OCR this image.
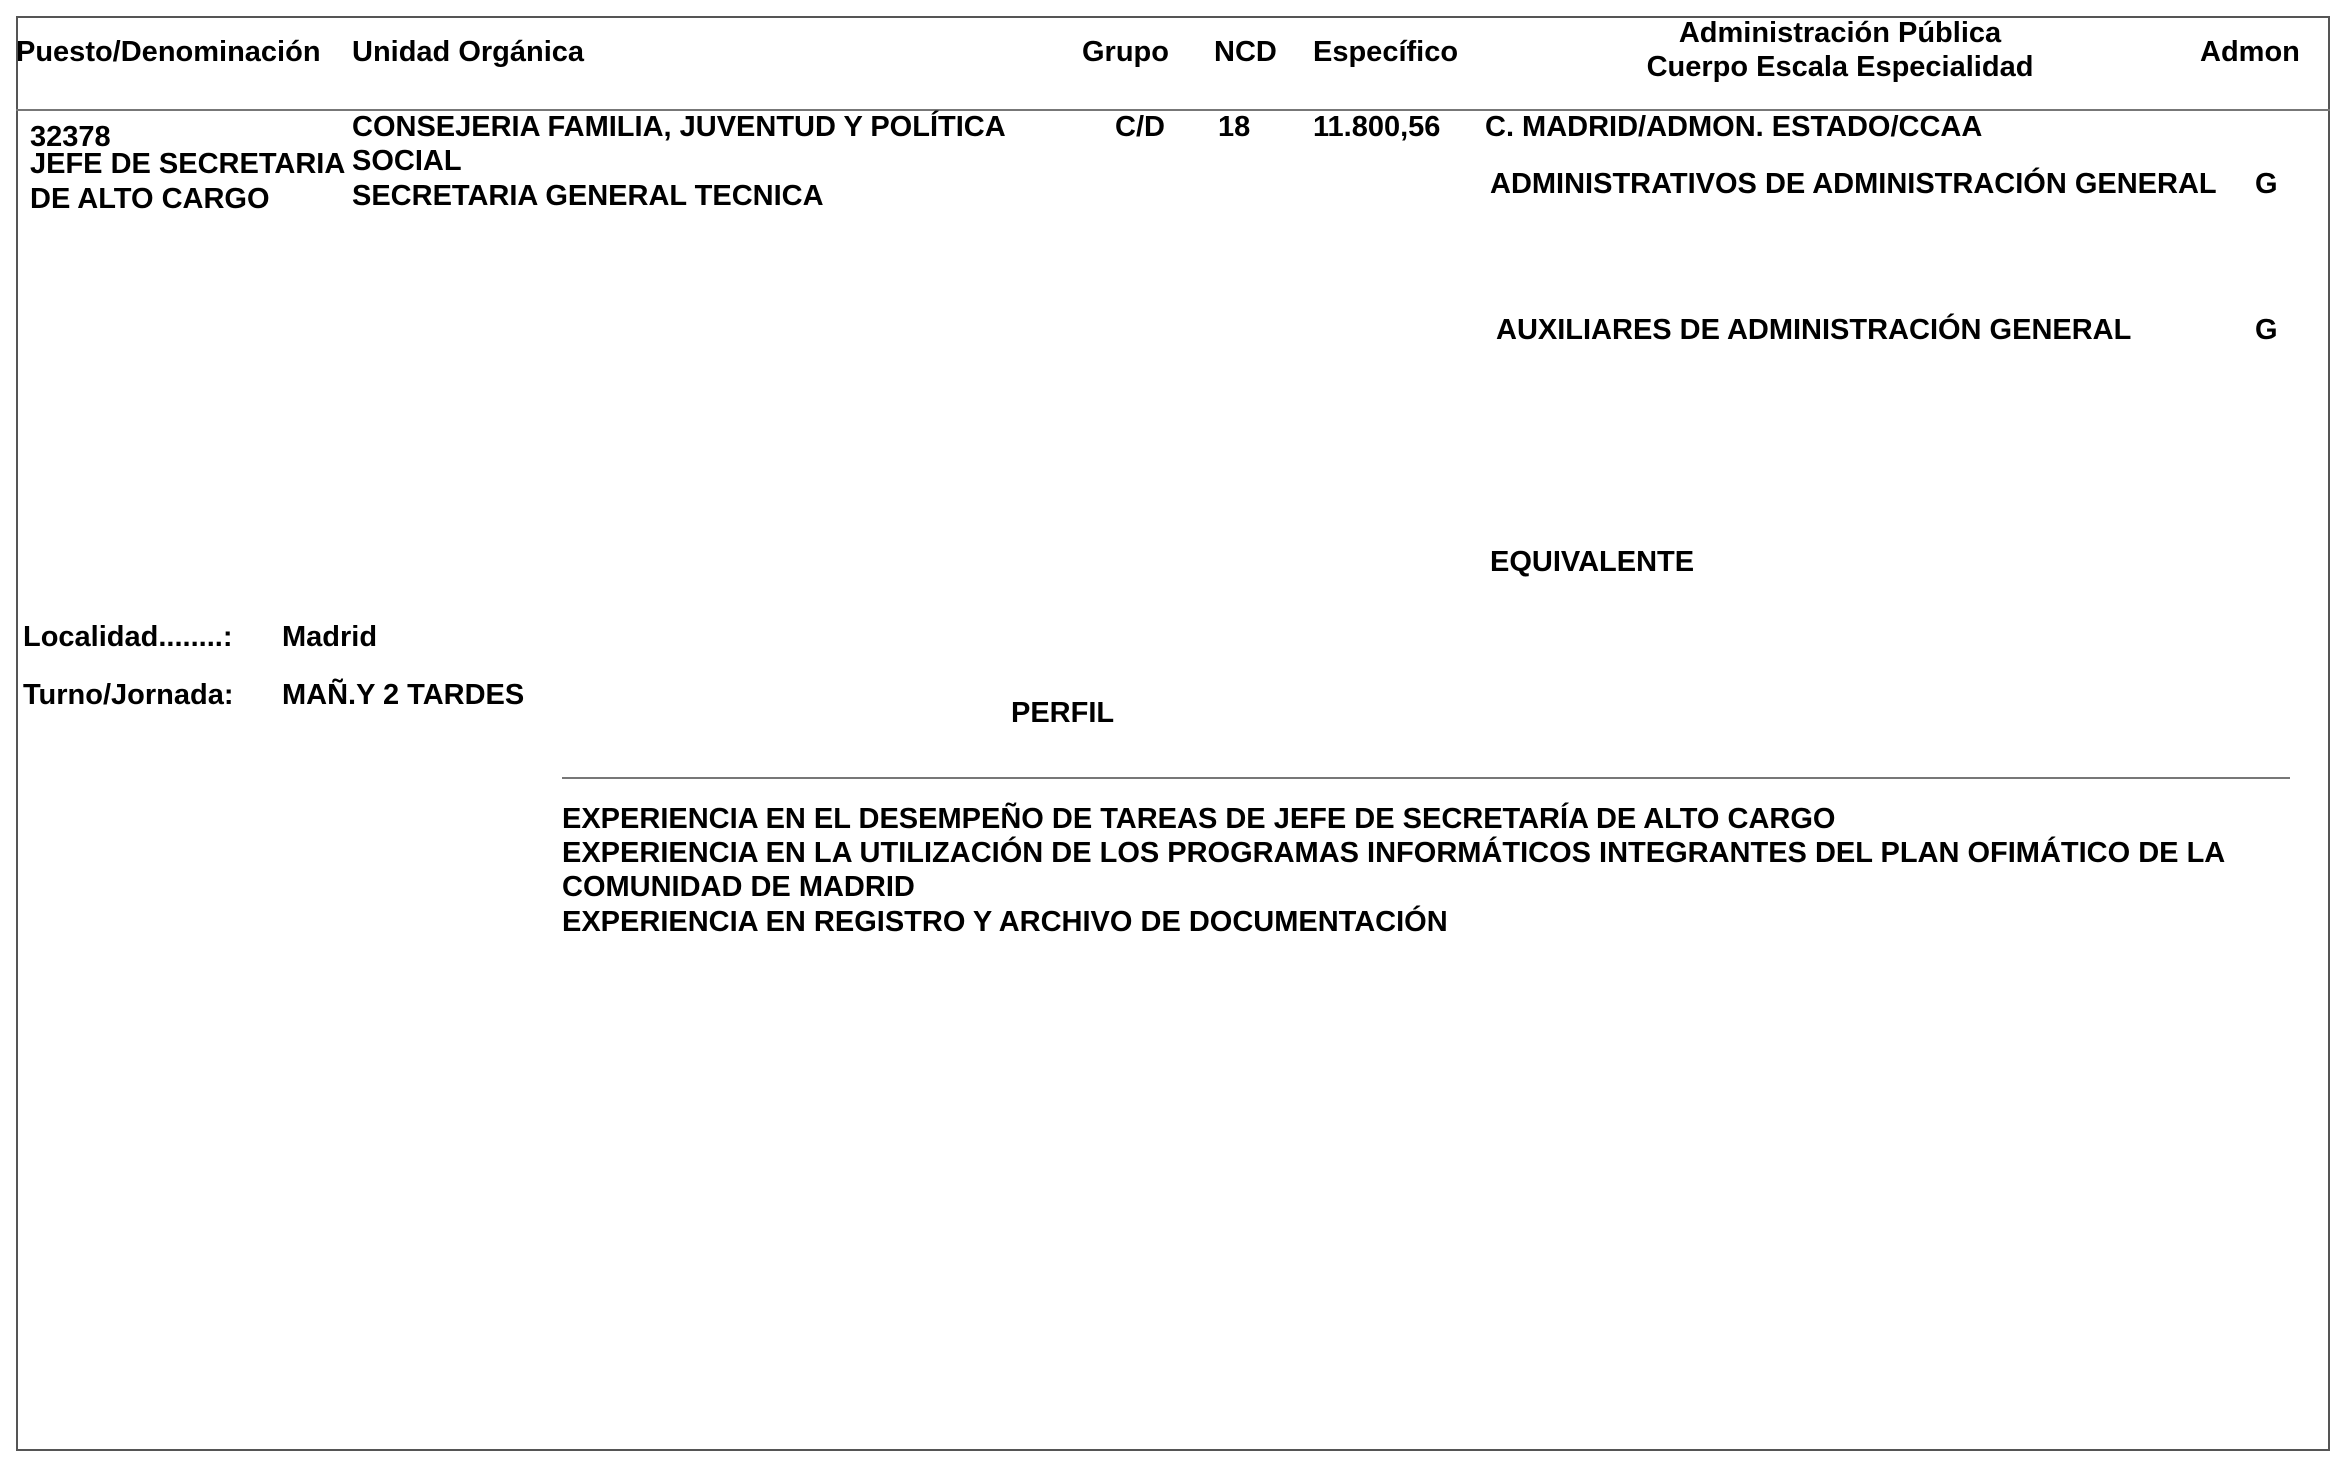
Puesto/Denominación Unidad Orgánica	Grupo NCD Específico
Administración Pública
Cuerpo Escala Especialidad	Admon
32378
JEFE DE SECRETARIA
DE ALTO CARGO
CONSEJERIA FAMILIA, JUVENTUD Y POLÍTICA
SOCIAL
SECRETARIA GENERAL TECNICA
C/D 18 11.800,56 C. MADRID/ADMON. ESTADO/CCAA
ADMINISTRATIVOS DE ADMINISTRACIÓN GENERAL G
AUXILIARES DE ADMINISTRACIÓN GENERAL	G
EQUIVALENTE
Localidad........: Madrid
Turno/Jornada: MAÑ.Y 2 TARDES
PERFIL
EXPERIENCIA EN EL DESEMPEÑO DE TAREAS DE JEFE DE SECRETARÍA DE ALTO CARGO
EXPERIENCIA EN LA UTILIZACIÓN DE LOS PROGRAMAS INFORMÁTICOS INTEGRANTES DEL PLAN OFIMÁTICO DE LA
COMUNIDAD DE MADRID
EXPERIENCIA EN REGISTRO Y ARCHIVO DE DOCUMENTACIÓN
